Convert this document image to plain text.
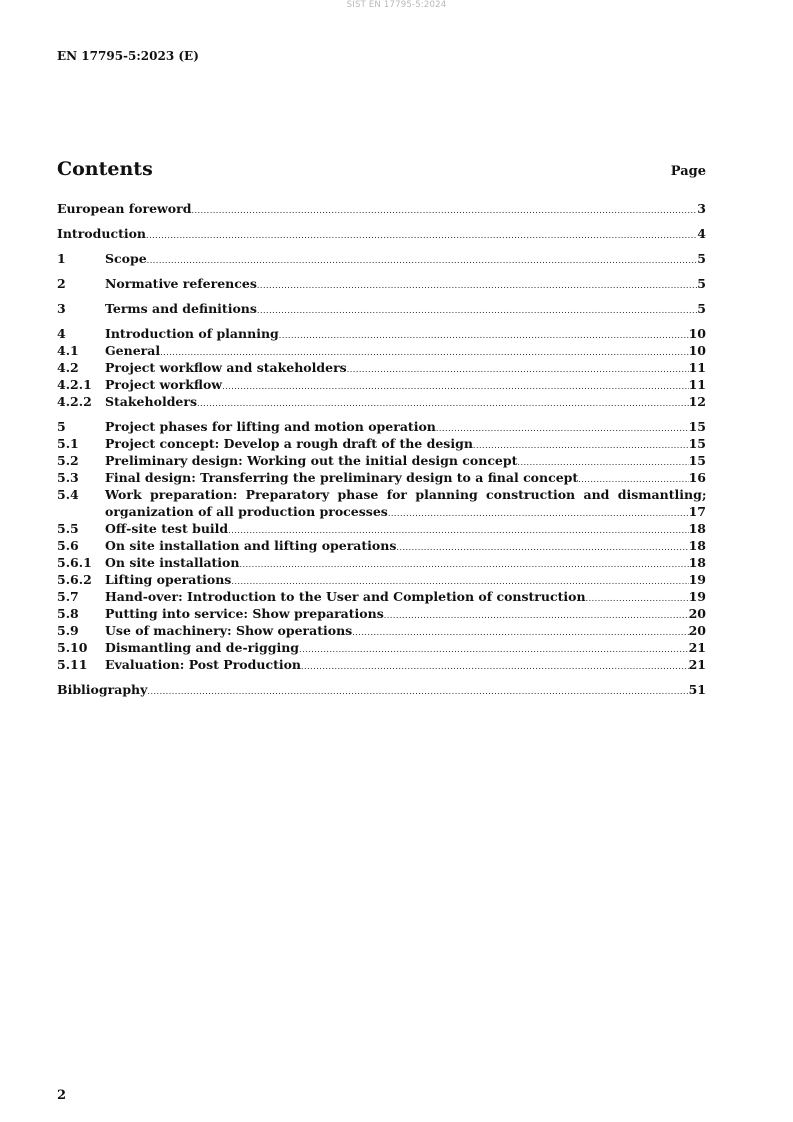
SIST EN 17795-5:2024
EN 17795-5:2023 (E)
Contents	Page
European foreword .....	3
Introduction .....	4
1	Scope .....	5
2	Normative references .....	5
3	Terms and definitions .....	5
4	Introduction of planning .....	10
4.1	General .....	10
4.2	Project workflow and stakeholders .....	11
4.2.1	Project workflow .....	11
4.2.2	Stakeholders .....	12
5	Project phases for lifting and motion operation .....	15
5.1	Project concept: Develop a rough draft of the design .....	15
5.2	Preliminary design: Working out the initial design concept .....	15
5.3	Final design: Transferring the preliminary design to a final concept .....	16
5.4	Work preparation: Preparatory phase for planning construction and dismantling;
organization of all production processes .....	17
5.5	Off-site test build .....	18
5.6	On site installation and lifting operations .....	18
5.6.1	On site installation .....	18
5.6.2	Lifting operations .....	19
5.7	Hand-over: Introduction to the User and Completion of construction .....	19
5.8	Putting into service: Show preparations .....	20
5.9	Use of machinery: Show operations .....	20
5.10	Dismantling and de-rigging .....	21
5.11	Evaluation: Post Production .....	21
Bibliography .....	51
2
